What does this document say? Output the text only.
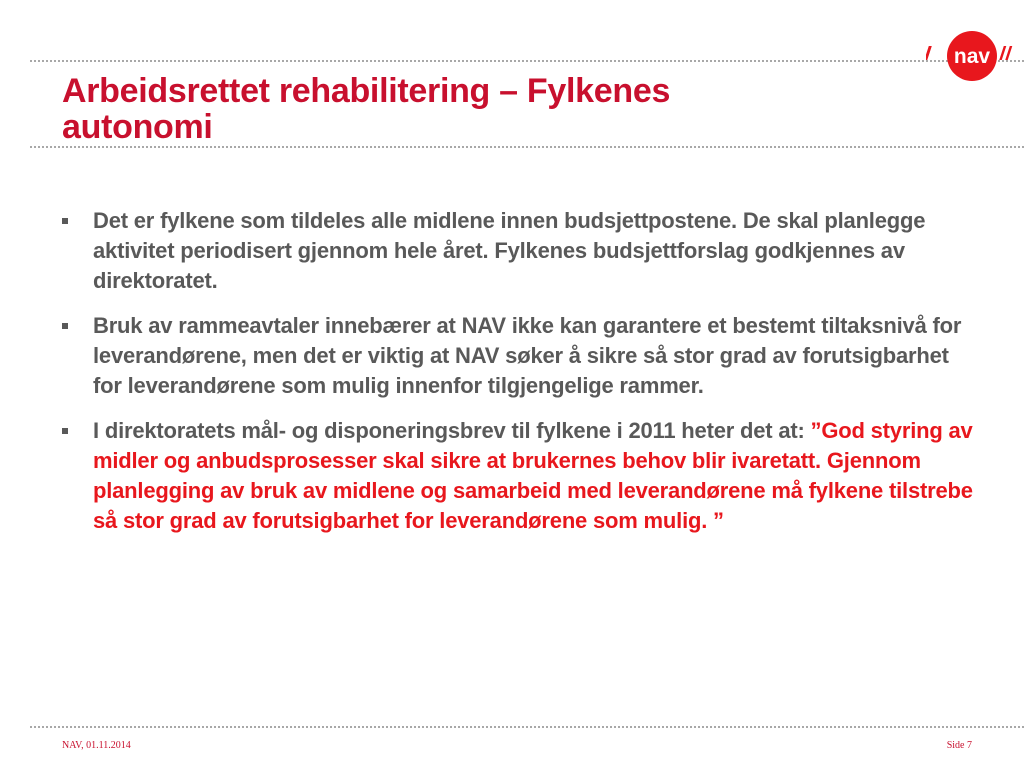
nav
Arbeidsrettet rehabilitering – Fylkenes
autonomi

Det er fylkene som tildeles alle midlene innen budsjettpostene. De skal planlegge aktivitet periodisert gjennom hele året. Fylkenes budsjettforslag godkjennes av direktoratet.

Bruk av rammeavtaler innebærer at NAV ikke kan garantere et bestemt tiltaksnivå for leverandørene, men det er viktig at NAV søker å sikre så stor grad av forutsigbarhet for leverandørene som mulig innenfor tilgjengelige rammer.

I direktoratets mål- og disponeringsbrev til fylkene i 2011 heter det at: ”God styring av midler og anbudsprosesser skal sikre at brukernes behov blir ivaretatt. Gjennom planlegging av bruk av midlene og samarbeid med leverandørene må fylkene tilstrebe så stor grad av forutsigbarhet for leverandørene som mulig. ”

NAV, 01.11.2014	Side 7
